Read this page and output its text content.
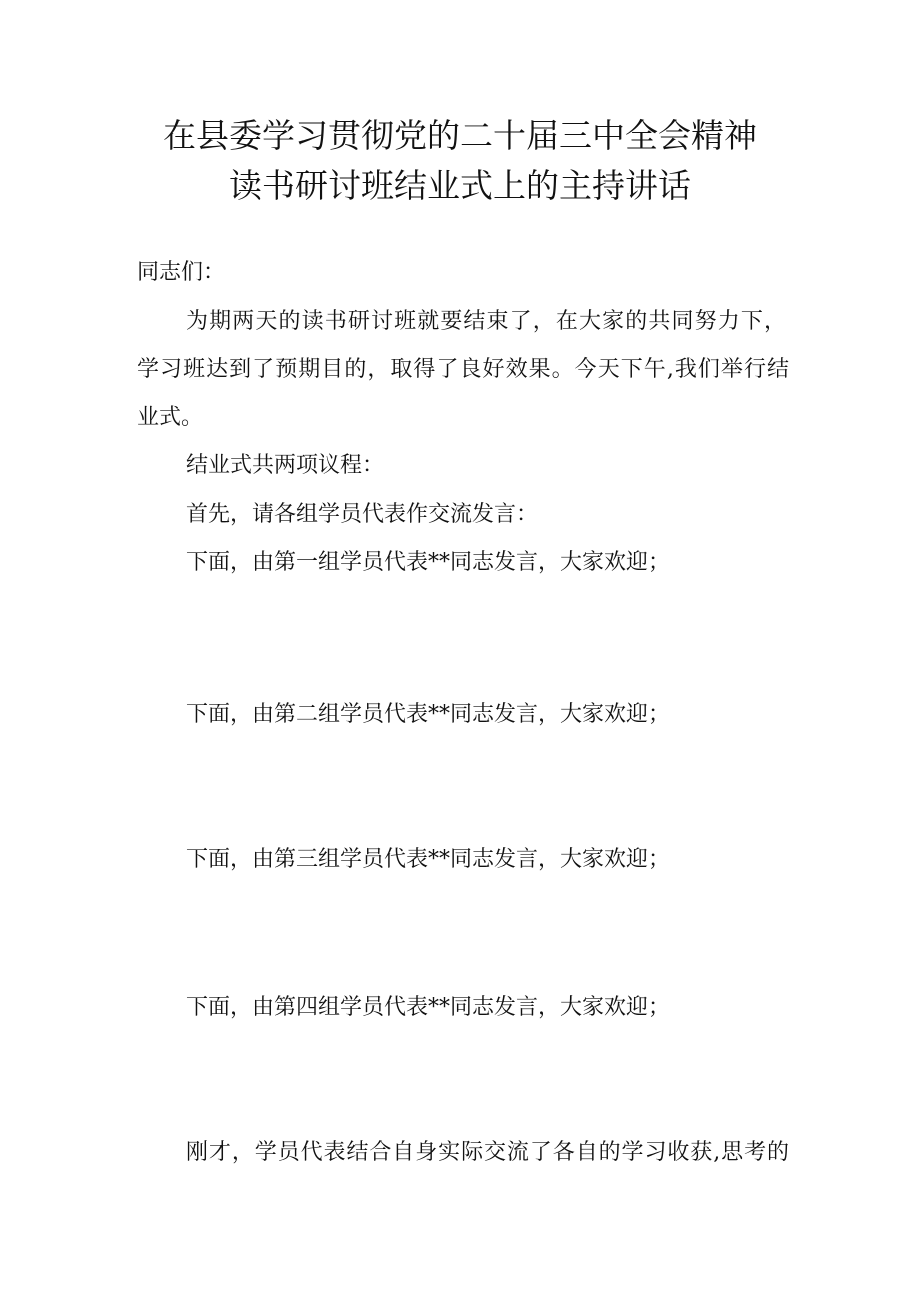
在县委学习贯彻党的二十届三中全会精神
读书研讨班结业式上的主持讲话

同志们：

为期两天的读书研讨班就要结束了，在大家的共同努力下，

学习班达到了预期目的，取得了良好效果。今天下午,我们举行结

业式。

结业式共两项议程：

首先，请各组学员代表作交流发言：

下面，由第一组学员代表**同志发言，大家欢迎；

下面，由第二组学员代表**同志发言，大家欢迎；

下面，由第三组学员代表**同志发言，大家欢迎；

下面，由第四组学员代表**同志发言，大家欢迎；

刚才，学员代表结合自身实际交流了各自的学习收获,思考的
